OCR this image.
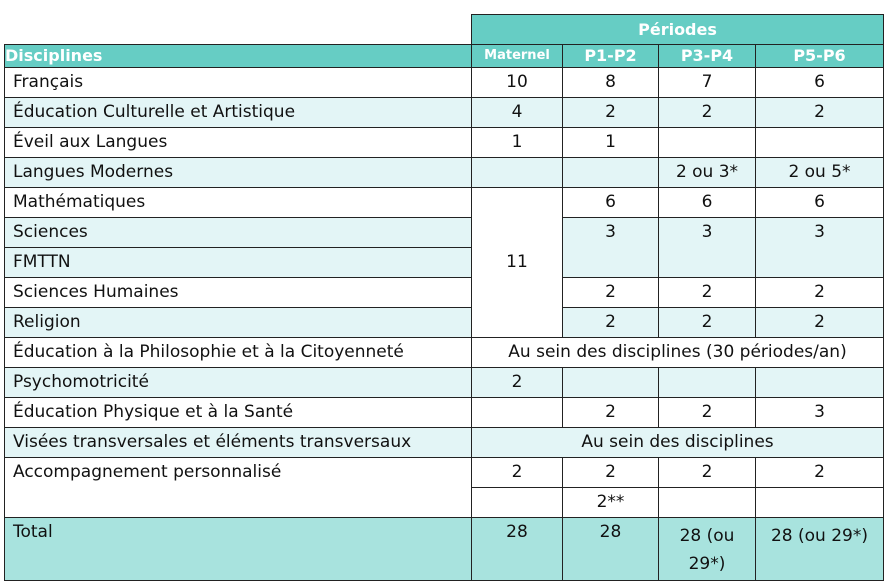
	Périodes			
Disciplines	Maternel	P1-P2	P3-P4	P5-P6
Français	10	8	7	6
Éducation Culturelle et Artistique	4	2	2	2
Éveil aux Langues	1	1		
Langues Modernes			2 ou 3*	2 ou 5*
Mathématiques	11	6	6	6
Sciences		3	3	3
FMTTN				
Sciences Humaines		2	2	2
Religion		2	2	2
Éducation à la Philosophie et à la Citoyenneté	Au sein des disciplines (30 périodes/an)			
Psychomotricité	2			
Éducation Physique et à la Santé		2	2	3
Visées transversales et éléments transversaux	Au sein des disciplines			
Accompagnement personnalisé	2	2	2	2
		2**		
Total	28	28	28 (ou 29*)	28 (ou 29*)
